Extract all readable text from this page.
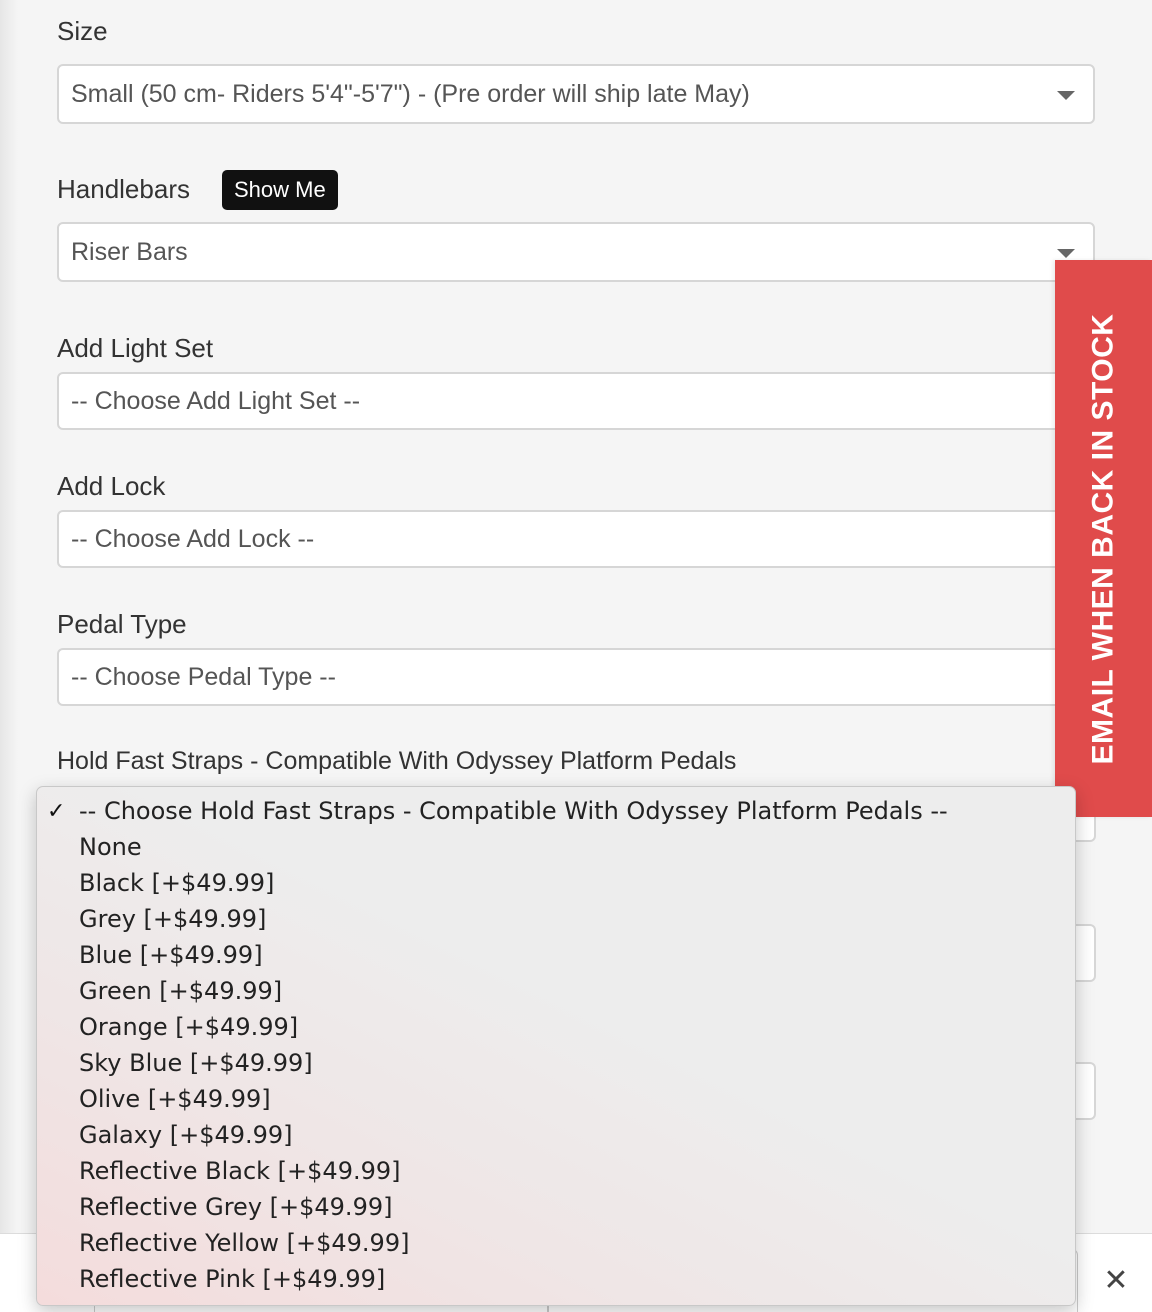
Size
Small (50 cm- Riders 5'4"-5'7") - (Pre order will ship late May)
Handlebars	Show Me
Riser Bars
Add Light Set
-- Choose Add Light Set --
Add Lock
-- Choose Add Lock --
Pedal Type
-- Choose Pedal Type --
Hold Fast Straps - Compatible With Odyssey Platform Pedals	EMAIL WHEN BACK IN STOCK
✕
✓ -- Choose Hold Fast Straps - Compatible With Odyssey Platform Pedals --
None
Black [+$49.99]
Grey [+$49.99]
Blue [+$49.99]
Green [+$49.99]
Orange [+$49.99]
Sky Blue [+$49.99]
Olive [+$49.99]
Galaxy [+$49.99]
Reflective Black [+$49.99]
Reflective Grey [+$49.99]
Reflective Yellow [+$49.99]
Reflective Pink [+$49.99]
